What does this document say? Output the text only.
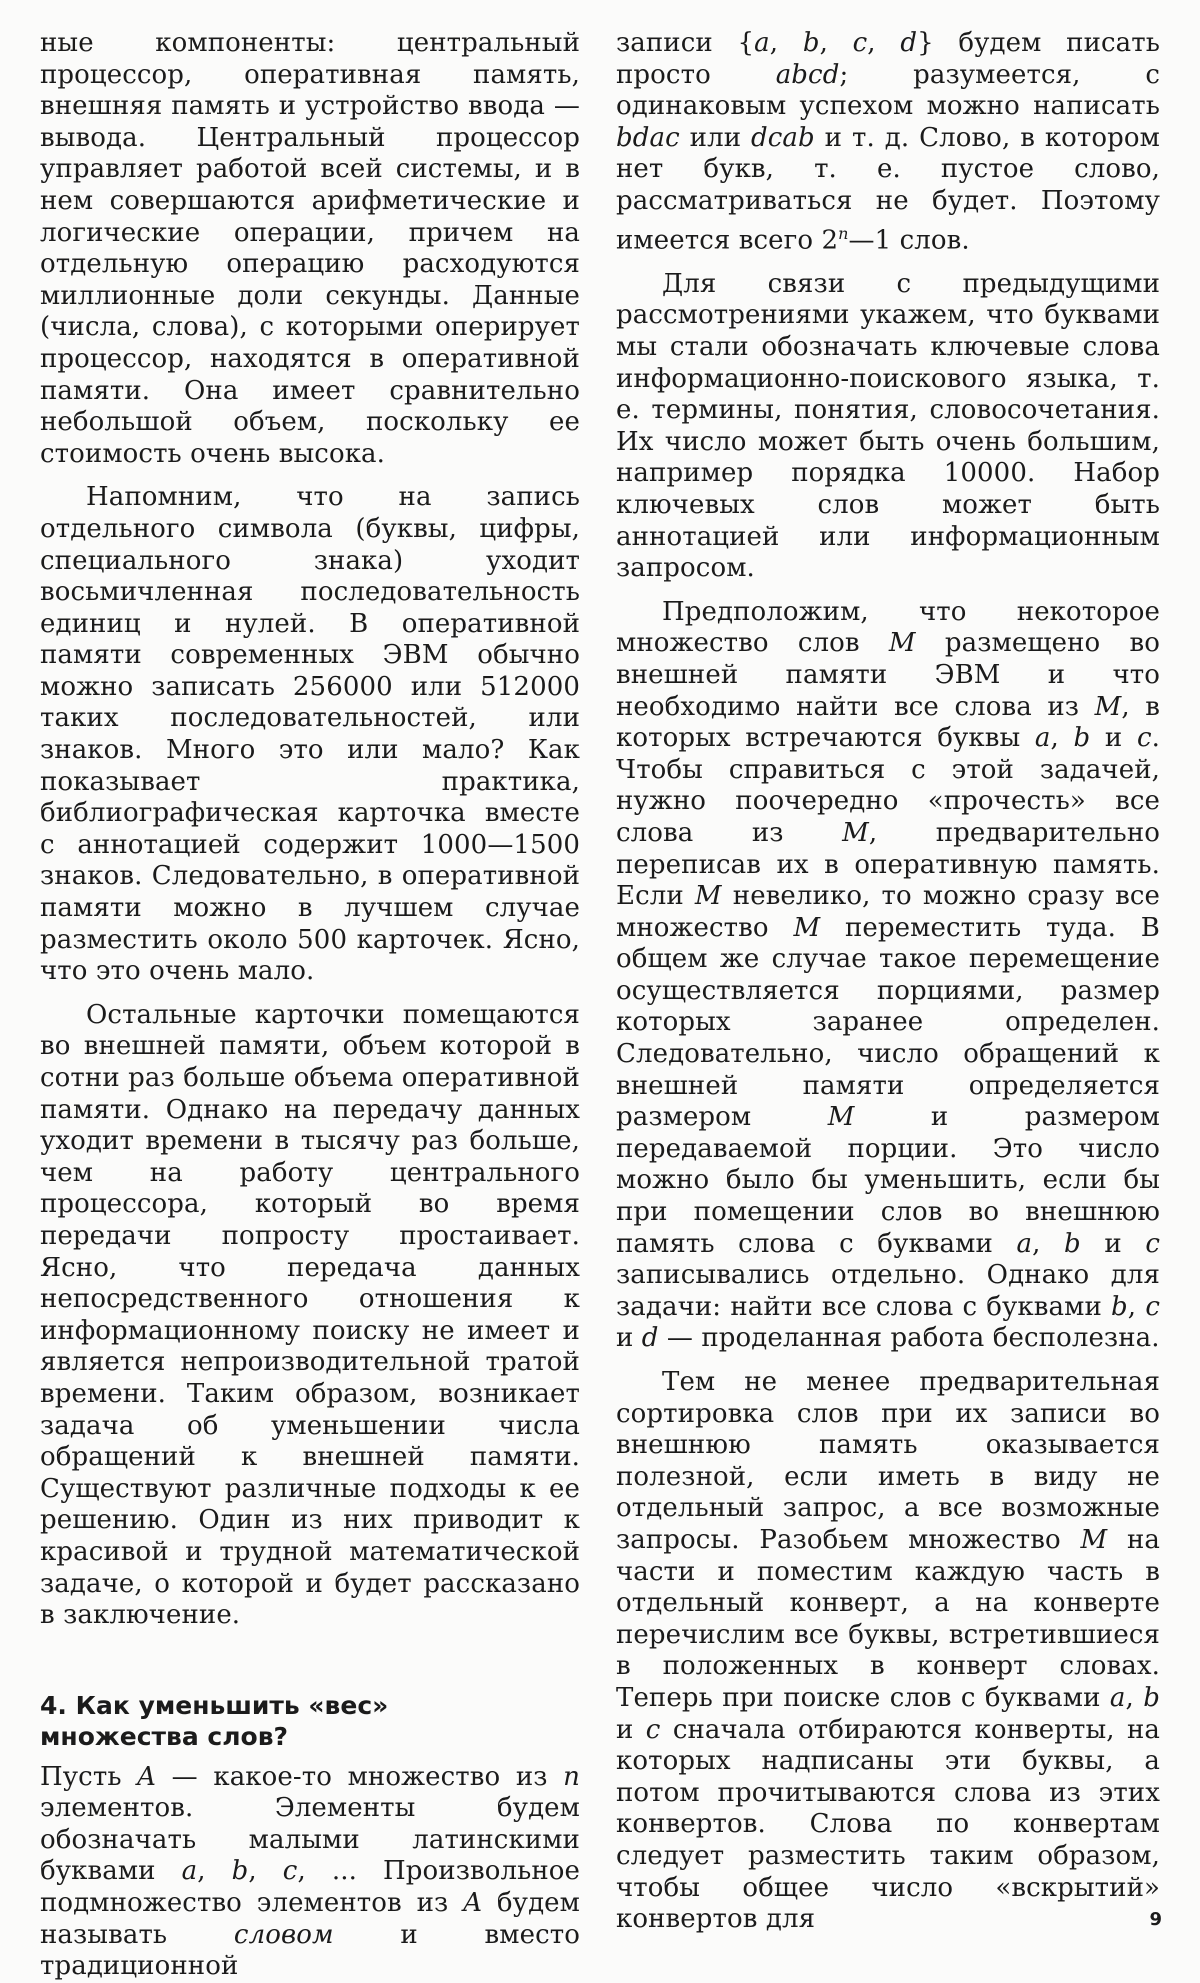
ные компоненты: центральный процессор, оперативная память, внешняя память и устройство ввода — вывода. Центральный процессор управляет работой всей системы, и в нем совершаются арифметические и логические операции, причем на отдельную операцию расходуются миллионные доли секунды. Данные (числа, слова), с которыми оперирует процессор, находятся в оперативной памяти. Она имеет сравнительно небольшой объем, поскольку ее стоимость очень высока.

Напомним, что на запись отдельного символа (буквы, цифры, специального знака) уходит восьмичленная последовательность единиц и нулей. В оперативной памяти современных ЭВМ обычно можно записать 256000 или 512000 таких последовательностей, или знаков. Много это или мало? Как показывает практика, библиографическая карточка вместе с аннотацией содержит 1000—1500 знаков. Следовательно, в оперативной памяти можно в лучшем случае разместить около 500 карточек. Ясно, что это очень мало.

Остальные карточки помещаются во внешней памяти, объем которой в сотни раз больше объема оперативной памяти. Однако на передачу данных уходит времени в тысячу раз больше, чем на работу центрального процессора, который во время передачи попросту простаивает. Ясно, что передача данных непосредственного отношения к информационному поиску не имеет и является непроизводительной тратой времени. Таким образом, возникает задача об уменьшении числа обращений к внешней памяти. Существуют различные подходы к ее решению. Один из них приводит к красивой и трудной математической задаче, о которой и будет рассказано в заключение.

4. Как уменьшить «вес»
множества слов?

Пусть A — какое-то множество из n элементов. Элементы будем обозначать малыми латинскими буквами a, b, c, ... Произвольное подмножество элементов из A будем называть словом и вместо традиционной

записи {a, b, c, d} будем писать просто abcd; разумеется, с одинаковым успехом можно написать bdac или dcab и т. д. Слово, в котором нет букв, т. е. пустое слово, рассматриваться не будет. Поэтому имеется всего 2$^n$—1 слов.

Для связи с предыдущими рассмотрениями укажем, что буквами мы стали обозначать ключевые слова информационно-поискового языка, т. е. термины, понятия, словосочетания. Их число может быть очень большим, например порядка 10000. Набор ключевых слов может быть аннотацией или информационным запросом.

Предположим, что некоторое множество слов M размещено во внешней памяти ЭВМ и что необходимо найти все слова из M, в которых встречаются буквы a, b и c. Чтобы справиться с этой задачей, нужно поочередно «прочесть» все слова из M, предварительно переписав их в оперативную память. Если M невелико, то можно сразу все множество M переместить туда. В общем же случае такое перемещение осуществляется порциями, размер которых заранее определен. Следовательно, число обращений к внешней памяти определяется размером M и размером передаваемой порции. Это число можно было бы уменьшить, если бы при помещении слов во внешнюю память слова с буквами a, b и c записывались отдельно. Однако для задачи: найти все слова с буквами b, c и d — проделанная работа бесполезна.

Тем не менее предварительная сортировка слов при их записи во внешнюю память оказывается полезной, если иметь в виду не отдельный запрос, а все возможные запросы. Разобьем множество M на части и поместим каждую часть в отдельный конверт, а на конверте перечислим все буквы, встретившиеся в положенных в конверт словах. Теперь при поиске слов с буквами a, b и c сначала отбираются конверты, на которых надписаны эти буквы, а потом прочитываются слова из этих конвертов. Слова по конвертам следует разместить таким образом, чтобы общее число «вскрытий» конвертов для	9
